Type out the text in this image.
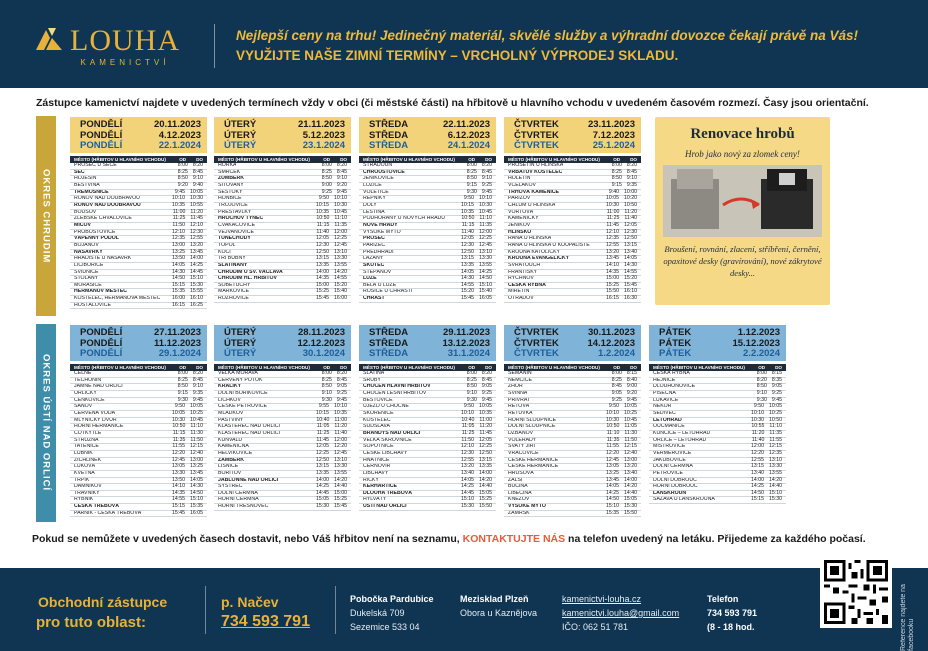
LOUHA
KAMENICTVÍ
Nejlepší ceny na trhu! Jedinečný materiál, skvělé služby a výhradní dovozce čekají právě na Vás!
VYUŽIJTE NAŠE ZIMNÍ TERMÍNY – VRCHOLNÝ VÝPRODEJ SKLADU.
Zástupce kamenictví najdete v uvedených termínech vždy v obci (či městské části) na hřbitově u hlavního vchodu v uvedeném časovém rozmezí. Časy jsou orientační.
OKRES CHRUDIM
OKRES ÚSTÍ NAD ORLICÍ
PONDĚLÍ	20.11.2023
PONDĚLÍ	4.12.2023
PONDĚLÍ	22.1.2024
MĚSTO (HŘBITOV U HLAVNÍHO VCHODU)	OD DO
PROSEČ U SEČE	8:00 8:20
SEČ	8:25 8:45
HOJEŠÍN	8:50 9:10
BĚSTVINA	9:20 9:40
TŘEMOŠNICE	9:45 10:05
RONOV NAD DOUBRAVOU	10:10 10:30
RONOV NAD DOUBRAVOU	10:35 10:55
BOUSOV	11:00 11:20
ŽLEBSKÉ CHVALOVICE	11:25 11:45
MIČOV	11:50 12:10
PROBOŠTOVICE	12:10 12:30
VÁPENNÝ PODOL	12:35 12:55
BOJANOV	13:00 13:20
NASAVRKY	13:25 13:45
HRADIŠTĚ U NASAVRK	13:50 14:00
LICIBOŘICE	14:05 14:25
SVIDNICE	14:30 14:45
STOLANY	14:50 15:10
MORAŠICE	15:15 15:30
HEŘMANŮV MĚSTEC	15:35 15:55
KOSTELEC, HEŘMANOVA MĚSTEC 16:00 16:10
HOŠŤÁLOVICE	16:15 16:25
ÚTERÝ	21.11.2023
ÚTERÝ	5.12.2023
ÚTERÝ	23.1.2024
MĚSTO (HŘBITOV U HLAVNÍHO VCHODU)	OD DO
HOŘKA	8:00 8:20
SMRČEK	8:25 8:45
ŽUMBERK	8:50 9:10
SITOVANY	9:00 9:20
ŠEŠTOKY	9:25 9:45
HONBICE	9:50 10:10
TROJOVICE	10:15 10:30
PŘESTAVLKY	10:35 10:45
HROCHŮV TÝNEC	10:50 11:10
ČVAKAČOVICE	11:15 11:35
VEJVANOVICE	11:40 12:00
TUNĚCHODY	12:05 12:25
TOPOL	12:30 12:45
KOČÍ	12:50 13:10
TŘI BUBNY	13:15 13:30
SLATIŇANY	13:35 13:55
CHRUDIM U SV. VÁCLAVA	14:00 14:20
CHRUDIM HL. HŘBITOV	14:35 14:55
SOBĚTUCHY	15:00 15:20
MARKOVICE	15:25 15:40
ROZHOVICE	15:45 16:00
STŘEDA	22.11.2023
STŘEDA	6.12.2023
STŘEDA	24.1.2024
MĚSTO (HŘBITOV U HLAVNÍHO VCHODU)	OD DO
STRADOUŇ	8:00 8:20
CHROUSTOVICE	8:25 8:45
JENÍKOVICE	8:50 9:10
LOZICE	9:15 9:25
VOLETICE	9:30 9:45
REPNÍKY	9:50 10:10
DOLY	10:15 10:30
LEŠTINA	10:35 10:45
PODHOŘANY U NOVÝCH HRADŮ	10:50 11:10
NOVÉ HRADY	11:15 11:35
VYSOKÉ MÝTO	11:40 12:00
PROSEČ	12:05 12:25
PAŘÍŽEC	12:30 12:45
PŘEDHRADÍ	12:50 13:10
LAŽANY	13:15 13:30
SKUTEČ	13:35 13:55
ŠTĚPÁNOV	14:05 14:25
LUŽE	14:30 14:50
BĚLÁ U LUŽE	14:55 15:10
ROSICE U CHRASTI	15:20 15:40
CHRAST	15:45 16:05
ČTVRTEK	23.11.2023
ČTVRTEK	7.12.2023
ČTVRTEK	25.1.2024
MĚSTO (HŘBITOV U HLAVNÍHO VCHODU)	OD DO
PROSETÍN U HLINSKA	8:00 8:20
VRBATŮV KOSTELEC	8:25 8:45
HOLETÍN	8:50 9:10
VČELÁKOV	9:15 9:35
TRHOVÁ KAMENICE	9:40 10:00
PAŘÍŽOV	10:05 10:20
CHLUM U HLINSKA	10:30 10:50
VORTOVÁ	11:00 11:20
KAMENIČKY	11:25 11:40
JENÍKOV	11:45 12:05
HLINSKO	12:10 12:30
RANÁ U HLINSKA	12:35 12:50
RANÁ U HLINSKA U KOUPALIŠTĚ	12:55 13:15
KROUNA KATOLICKÝ	13:20 13:40
KROUNA EVANGELICKÝ	13:45 14:05
SVRATOUCH	14:10 14:30
FRANTIŠKY	14:35 14:55
RYCHNOV	15:00 15:20
ČESKÁ RYBNÁ	15:25 15:45
MIŘETÍN	15:50 16:10
OTRADOV	16:15 16:30
PONDĚLÍ	27.11.2023
PONDĚLÍ	11.12.2023
PONDĚLÍ	29.1.2024
MĚSTO (HŘBITOV U HLAVNÍHO VCHODU)	OD DO
CELNÉ	8:00 8:20
TĚCHONÍN	8:25 8:45
JAMNÉ NAD ORLICÍ	8:50 9:10
ORLIČKY	9:15 9:35
ČENKOVICE	9:30 9:45
SÁNOV	9:50 10:05
ČERVENÁ VODA	10:05 10:25
MLÝNICKÝ DVŮR	10:30 10:45
HORNÍ HEŘMANICE	10:50 11:10
COTKYTLE	11:15 11:30
STRUŽNÁ	11:35 11:50
TATENICE	11:55 12:15
LUBNÍK	12:20 12:40
ŽICHLÍNEK	12:45 13:00
LUKOVÁ	13:05 13:25
KVĚTNÁ	13:30 13:45
TRPÍK	13:50 14:05
DAMNÍKOV	14:10 14:30
TRAVNÍKY	14:35 14:50
RYBNÍK	14:55 15:10
ČESKÁ TŘEBOVÁ	15:15 15:35
PARNÍK - ČESKÁ TŘEBOVÁ	15:45 16:05
ÚTERÝ	28.11.2023
ÚTERÝ	12.12.2023
ÚTERÝ	30.1.2024
MĚSTO (HŘBITOV U HLAVNÍHO VCHODU)	OD DO
VELKÁ MORAVA	8:00 8:20
ČERVENÝ POTOK	8:25 8:45
KRÁLÍKY	8:50 9:05
DOLNÍ BOŘÍKOVICE	9:10 9:25
LICHKOV	9:30 9:45
ČESKÉ PETROVICE	9:55 10:10
MLADKOV	10:15 10:35
PASTVINY	10:40 11:00
KLÁŠTEREC NAD ORLICÍ	11:05 11:20
KLÁŠTEREC NAD ORLICÍ	11:25 11:40
KUNVALD	11:45 12:00
KAMENIČNÁ	12:05 12:20
HELVÍKOVICE	12:25 12:45
ŽAMBERK	12:50 13:10
LIŠNICE	13:15 13:30
BOŘITOV	13:35 13:55
JABLONNÉ NAD ORLICÍ	14:00 14:20
SYSTREC	14:25 14:40
DOLNÍ ČERMNÁ	14:45 15:00
HORNÍ ČERMNÁ	15:05 15:25
HORNÍ TŘEŠŇOVEC	15:30 15:45
STŘEDA	29.11.2023
STŘEDA	13.12.2023
STŘEDA	31.1.2024
MĚSTO (HŘBITOV U HLAVNÍHO VCHODU)	OD DO
SLATINA	8:00 8:20
SRUBY	8:25 8:45
CHOCEŇ HLAVNÍ HŘBITOV	8:50 9:05
CHOCEŇ LESNÍ HŘBITOV	9:10 9:25
BĚSTOVICE	9:30 9:45
ÚJEZD U CHOCNĚ	9:50 10:05
SKOŘENICE	10:10 10:35
KOSTELEC	10:40 11:00
SUDSLAVA	11:05 11:20
BRANDÝS NAD ORLICÍ	11:25 11:45
VELKÁ SKROVNICE	11:50 12:05
SOPOTNICE	12:10 12:25
ČESKÉ LIBCHAVY	12:30 12:50
HNÁTNICE	12:55 13:15
ČERNOVÍR	13:20 13:35
LIBCHAVY	13:40 14:00
ŘÍČKY	14:05 14:20
KERHARTICE	14:25 14:40
DLOUHÁ TŘEBOVÁ	14:45 15:05
HYLVÁTY	15:10 15:25
ÚSTÍ NAD ORLICÍ	15:30 15:50
ČTVRTEK	30.11.2023
ČTVRTEK	14.12.2023
ČTVRTEK	1.2.2024
MĚSTO (HŘBITOV U HLAVNÍHO VCHODU)	OD DO
SEMANÍN	8:00 8:15
NĚMČICE	8:25 8:40
ZHOŘ	8:45 9:00
SVINNÁ	9:05 9:20
PŘÍVRAT	9:25 9:45
ŘETOVÁ	9:50 10:05
ŘETŮVKA	10:10 10:25
HORNÍ SLOUPNICE	10:30 10:45
DOLNÍ SLOUPNICE	10:50 11:05
DŽBÁNOV	11:10 11:30
VOLEŘADY	11:35 11:50
SVATÝ JIŘÍ	11:55 12:15
VRAČOVICE	12:20 12:40
ČESKÉ HEŘMANICE	12:45 13:00
ČESKÉ HEŘMANICE	13:05 13:20
HRUŠOVÁ	13:25 13:40
ZÁLŠÍ	13:45 14:00
BUČINA	14:05 14:20
LIBECINA	14:25 14:40
KNĚŽOV	14:50 15:05
VYSOKÉ MÝTO	15:10 15:30
ZÁMRSK	15:35 15:50
PÁTEK	1.12.2023
PÁTEK	15.12.2023
PÁTEK	2.2.2024
MĚSTO (HŘBITOV U HLAVNÍHO VCHODU)	OD DO
ČESKÁ RYBNÁ	8:00 8:15
HEJNICE	8:20 8:35
DLOUHOŇOVICE	8:50 9:05
PÍSEČNÁ	9:10 9:25
LUKAVICE	9:30 9:45
NEKOŘ	9:50 10:05
ŠEDIVEC	10:10 10:25
LETOHRAD	10:30 10:50
OUCMANICE	10:55 11:10
KUNČICE – LETOHRAD	11:20 11:35
ORLICE – LETOHRAD	11:40 11:55
MISTROVICE	12:00 12:15
VERMĚŘOVICE	12:20 12:35
JAKUBOVICE	12:55 13:10
DOLNÍ ČERMNÁ	13:15 13:30
PETROVICE	13:40 13:55
DOLNÍ DOBROUČ	14:00 14:20
HORNÍ DOBROUČ	14:25 14:40
LANŠKROUN	14:50 15:10
SÁZAVA U LANŠKROUNA	15:15 15:30
Renovace hrobů
Hrob jako nový za zlomek ceny!
Broušení, rovnání, zlacení, stříbření, černění, opaxitové desky (gravírování), nové zákrytové desky...
Pokud se nemůžete v uvedených časech dostavit, nebo Váš hřbitov není na seznamu, KONTAKTUJTE NÁS na telefon uvedený na letáku. Přijedeme za každého počasí.
Obchodní zástupce
pro tuto oblast:
p. Načev
734 593 791
Pobočka Pardubice
Dukelská 709
Sezemice 533 04
Mezisklad Plzeň
Obora u Kaznějova
kamenictvi-louha.cz
kamenictvi.louha@gmail.com
IČO: 062 51 781
Telefon
734 593 791
(8 - 18 hod.	Reference najdete na facebooku
